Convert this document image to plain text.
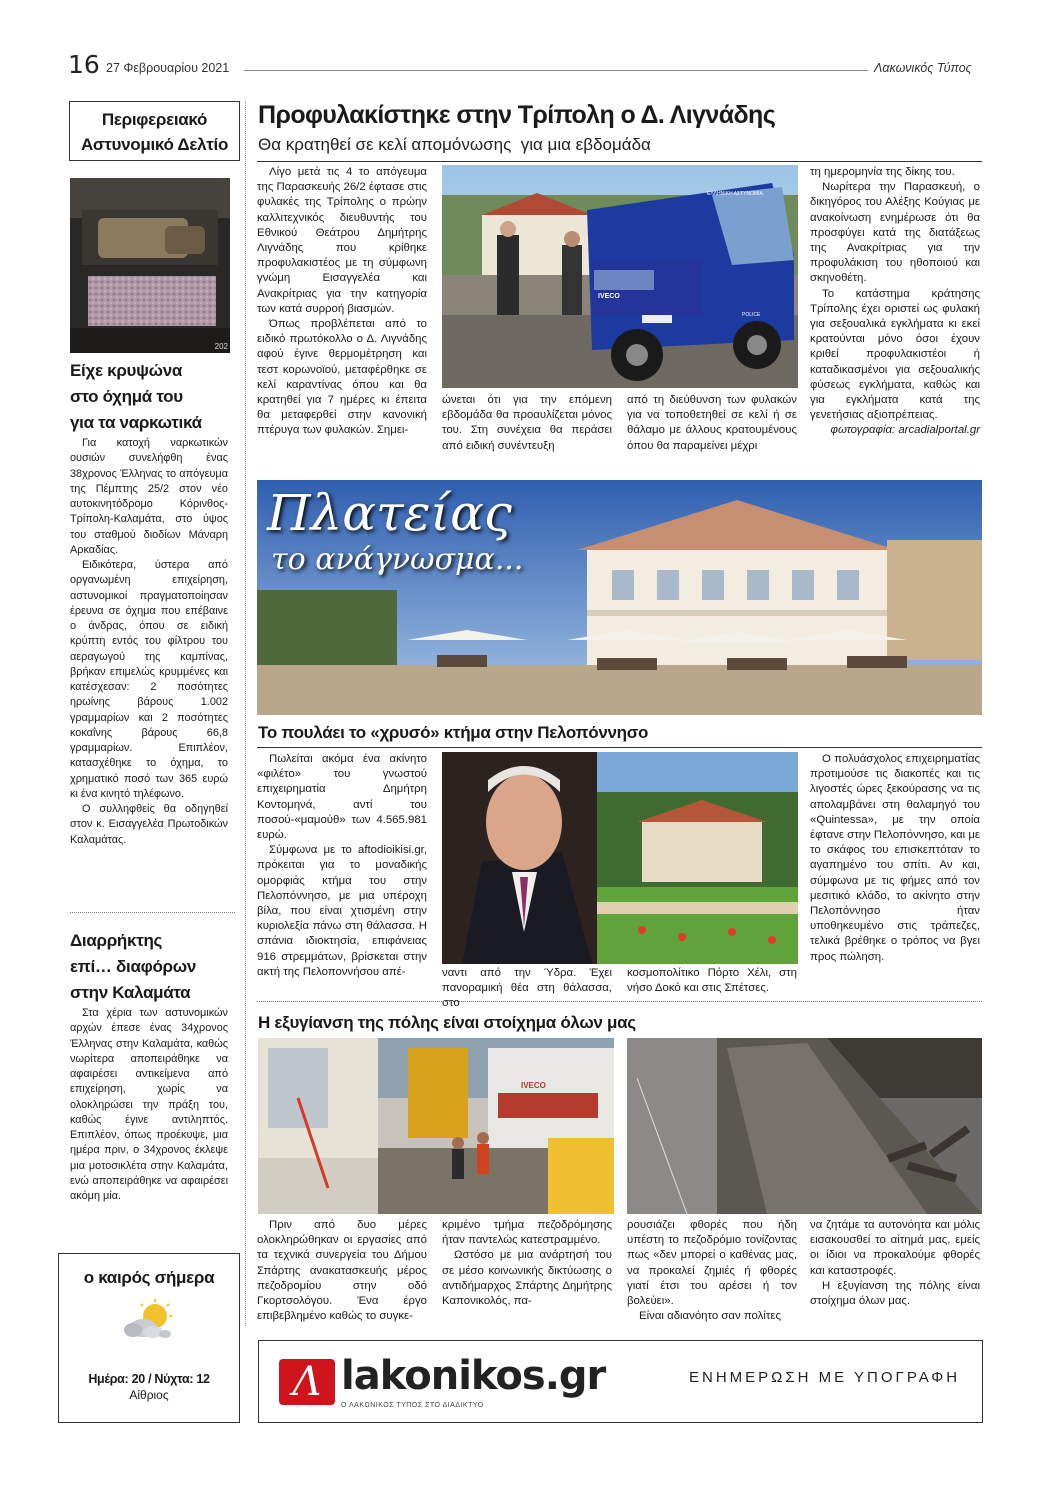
16 27 Φεβρουαρίου 2021	Λακωνικός Τύπος
Περιφερειακό
Αστυνομικό Δελτίο
202
Είχε κρυψώνα
στο όχημά του
για τα ναρκωτικά

Για κατοχή ναρκωτικών ουσιών συνελήφθη ένας 38χρονος Έλληνας το απόγευμα της Πέμπτης 25/2 στον νέο αυτοκινητόδρομο Κόρινθος-Τρίπολη-Καλαμάτα, στο ύψος του σταθμού διοδίων Μάναρη Αρκαδίας.

Ειδικότερα, ύστερα από οργανωμένη επιχείρηση, αστυνομικοί πραγματοποίησαν έρευνα σε όχημα που επέβαινε ο άνδρας, όπου σε ειδική κρύπτη εντός του φίλτρου του αεραγωγού της καμπίνας, βρήκαν επιμελώς κρυμμένες και κατέσχεσαν: 2 ποσότητες ηρωίνης βάρους 1.002 γραμμαρίων και 2 ποσότητες κοκαΐνης βάρους 66,8 γραμμαρίων. Επιπλέον, κατασχέθηκε το όχημα, το χρηματικό ποσό των 365 ευρώ κι ένα κινητό τηλέφωνο.

Ο συλληφθείς θα οδηγηθεί στον κ. Εισαγγελέα Πρωτοδικών Καλαμάτας.

Διαρρήκτης
επί… διαφόρων
στην Καλαμάτα

Στα χέρια των αστυνομικών αρχών έπεσε ένας 34χρονος Έλληνας στην Καλαμάτα, καθώς νωρίτερα αποπειράθηκε να αφαιρέσει αντικείμενα από επιχείρηση, χωρίς να ολοκληρώσει την πράξη του, καθώς έγινε αντιληπτός. Επιπλέον, όπως προέκυψε, μια ημέρα πριν, ο 34χρονος έκλεψε μια μοτοσικλέτα στην Καλαμάτα, ενώ αποπειράθηκε να αφαιρέσει ακόμη μία.

ο καιρός σήμερα
Ημέρα: 20 / Νύχτα: 12
Αίθριος
Προφυλακίστηκε στην Τρίπολη ο Δ. Λιγνάδης
Θα κρατηθεί σε κελί απομόνωσης  για μια εβδομάδα

Λίγο μετά τις 4 το απόγευμα της Παρασκευής 26/2 έφτασε στις φυλακές της Τρίπολης ο πρώην καλλιτεχνικός διευθυντής του Εθνικού Θεάτρου Δημήτρης Λιγνάδης που κρίθηκε προφυλακιστέος με τη σύμφωνη γνώμη Εισαγγελέα και Ανακρίτριας για την κατηγορία των κατά συρροή βιασμών.

Όπως προβλέπεται από το ειδικό πρωτόκολλο ο Δ. Λιγνάδης αφού έγινε θερμομέτρηση και τεστ κορωνοϊού, μεταφέρθηκε σε κελί καραντίνας όπου και θα κρατηθεί για 7 ημέρες κι έπειτα θα μεταφερθεί στην κανονική πτέρυγα των φυλακών. Σημει-

ΕΛΛΗΝΙΚΗ ΑΣΤΥΝΟΜΙΑ
IVECO
POLICE

ώνεται ότι για την επόμενη εβδομάδα θα προαυλίζεται μόνος του. Στη συνέχεια θα περάσει από ειδική συνέντευξη

από τη διεύθυνση των φυλακών για να τοποθετηθεί σε κελί ή σε θάλαμο με άλλους κρατουμένους όπου θα παραμείνει μέχρι

τη ημερομηνία της δίκης του.

Νωρίτερα την Παρασκευή, ο δικηγόρος του Αλέξης Κούγιας με ανακοίνωση ενημέρωσε ότι θα προσφύγει κατά της διατάξεως της Ανακρίτριας για την προφυλάκιση του ηθοποιού και σκηνοθέτη.

Το κατάστημα κράτησης Τρίπολης έχει οριστεί ως φυλακή για σεξουαλικά εγκλήματα κι εκεί κρατούνται μόνο όσοι έχουν κριθεί προφυλακιστέοι ή καταδικασμένοι για σεξουαλικής φύσεως εγκλήματα, καθώς και για εγκλήματα κατά της γενετήσιας αξιοπρέπειας.

φωτογραφία: arcadialportal.gr

Πλατείας
το ανάγνωσμα...
Το πουλάει το «χρυσό» κτήμα στην Πελοπόννησο

Πωλείται ακόμα ένα ακίνητο «φιλέτο» του γνωστού επιχειρηματία Δημήτρη Κοντομηνά, αντί του ποσού-«μαμούθ» των 4.565.981 ευρώ.

Σύμφωνα με το aftodioikisi.gr, πρόκειται για το μοναδικής ομορφιάς κτήμα του στην Πελοπόννησο, με μια υπέροχη βίλα, που είναι χτισμένη στην κυριολεξία πάνω στη θάλασσα. Η σπάνια ιδιοκτησία, επιφάνειας 916 στρεμμάτων, βρίσκεται στην ακτή της Πελοποννήσου απέ-	ναντι από την Ύδρα. Έχει πανοραμική θέα στη θάλασσα, στο

κοσμοπολίτικο Πόρτο Χέλι, στη νήσο Δοκό και στις Σπέτσες.

Ο πολυάσχολος επιχειρηματίας προτιμούσε τις διακοπές και τις λιγοστές ώρες ξεκούρασης να τις απολαμβάνει στη θαλαμηγό του «Quintessa», με την οποία έφτανε στην Πελοπόννησο, και με το σκάφος του επισκεπτόταν το αγαπημένο του σπίτι. Αν και, σύμφωνα με τις φήμες από τον μεσιτικό κλάδο, το ακίνητο στην Πελοπόννησο ήταν υποθηκευμένο στις τράπεζες, τελικά βρέθηκε ο τρόπος να βγει προς πώληση.

Η εξυγίανση της πόλης είναι στοίχημα όλων μας
IVECO

Πριν από δυο μέρες ολοκληρώθηκαν οι εργασίες από τα τεχνικά συνεργεία του Δήμου Σπάρτης ανακατασκευής μέρος πεζοδρομίου στην οδό Γκορτσολόγου. Ένα έργο επιβεβλημένο καθώς το συγκε-

κριμένο τμήμα πεζοδρόμησης ήταν παντελώς κατεστραμμένο.

Ωστόσο με μια ανάρτησή του σε μέσο κοινωνικής δικτύωσης ο αντιδήμαρχος Σπάρτης Δημήτρης Καπονικολός, πα-

ρουσιάζει φθορές που ήδη υπέστη το πεζοδρόμιο τονίζοντας πως «δεν μπορεί ο καθένας μας, να προκαλεί ζημιές ή φθορές γιατί έτσι του αρέσει ή τον βολεύει».

Είναι αδιανόητο σαν πολίτες

να ζητάμε τα αυτονόητα και μόλις εισακουσθεί το αίτημά μας, εμείς οι ίδιοι να προκαλούμε φθορές και καταστροφές.

Η εξυγίανση της πόλης είναι στοίχημα όλων μας.

Λ lakonikos.gr
Ο ΛΑΚΩΝΙΚΟΣ ΤΥΠΟΣ ΣΤΟ ΔΙΑΔΙΚΤΥΟ
ΕΝΗΜΕΡΩΣΗ ΜΕ ΥΠΟΓΡΑΦΗ
